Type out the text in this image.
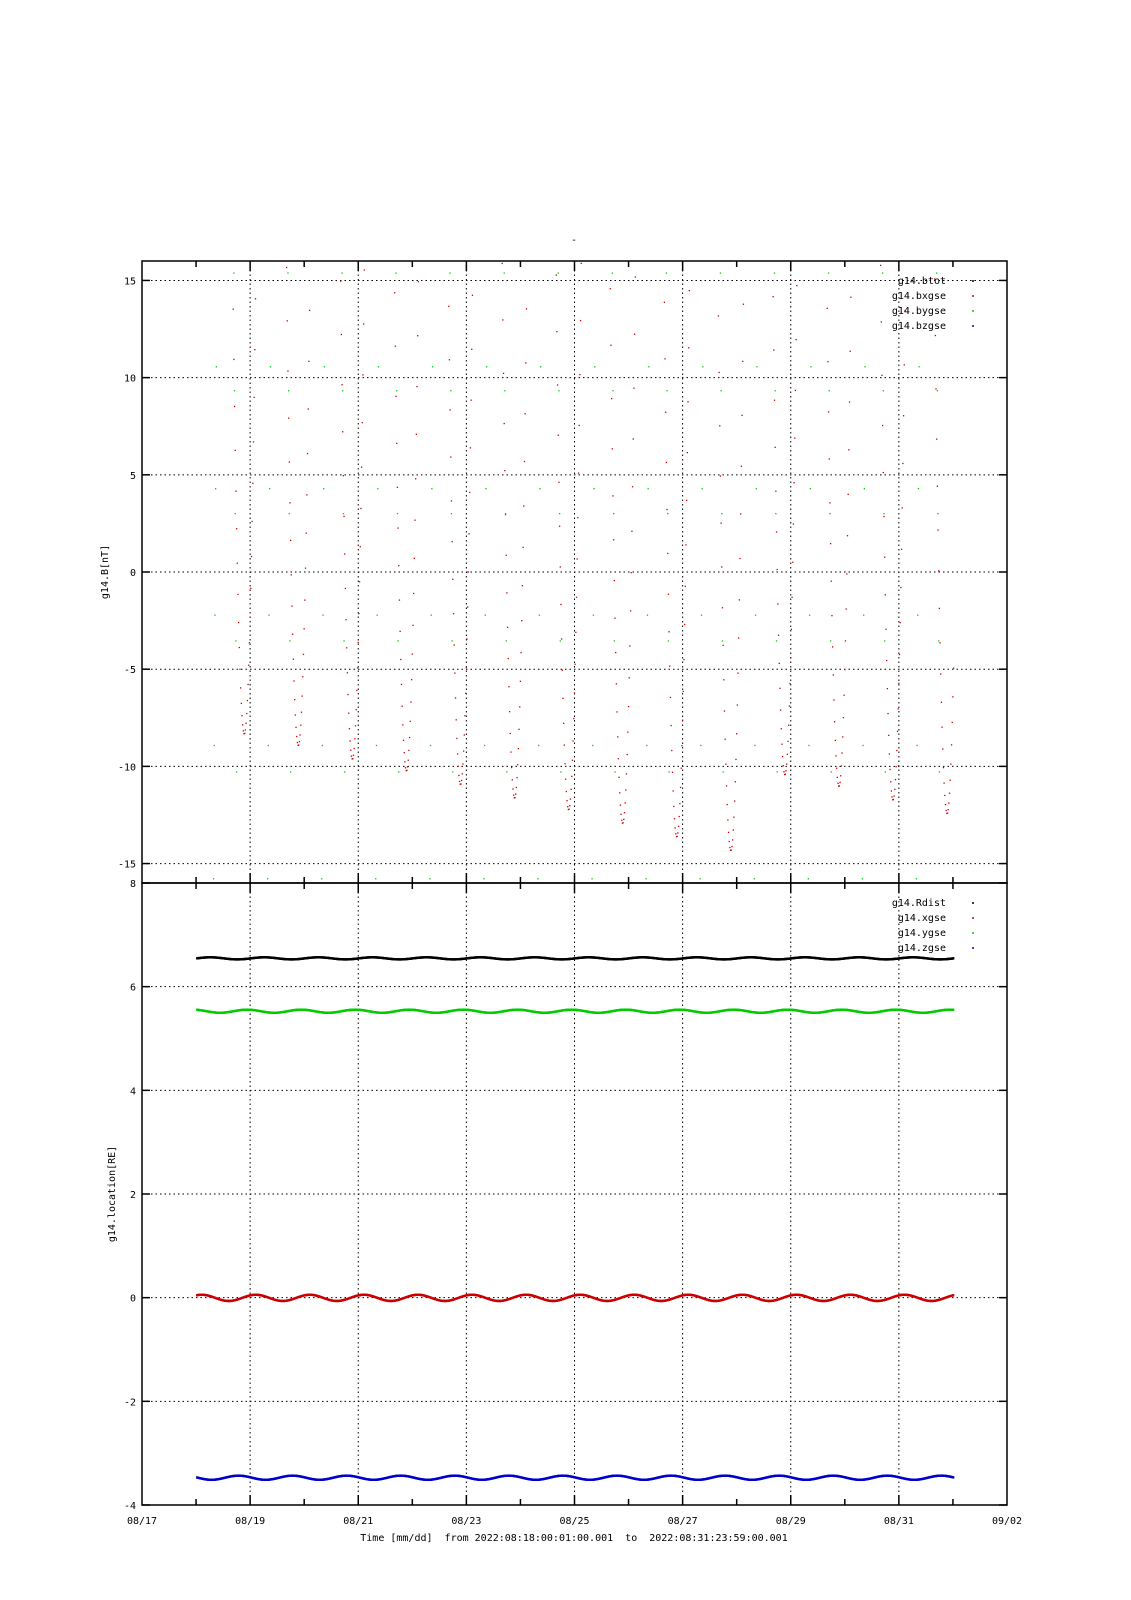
-
-15
-10
-5
0
5
10
15
g14.B[nT]
g14.btot
g14.bxgse
g14.bygse
g14.bzgse
-4
-2
0
2
4
6
8
g14.location[RE]
g14.Rdist
g14.xgse
g14.ygse
g14.zgse
08/17	08/19	08/21	08/23	08/25	08/27	08/29	08/31	09/02
Time [mm/dd]  from 2022:08:18:00:01:00.001  to  2022:08:31:23:59:00.001
